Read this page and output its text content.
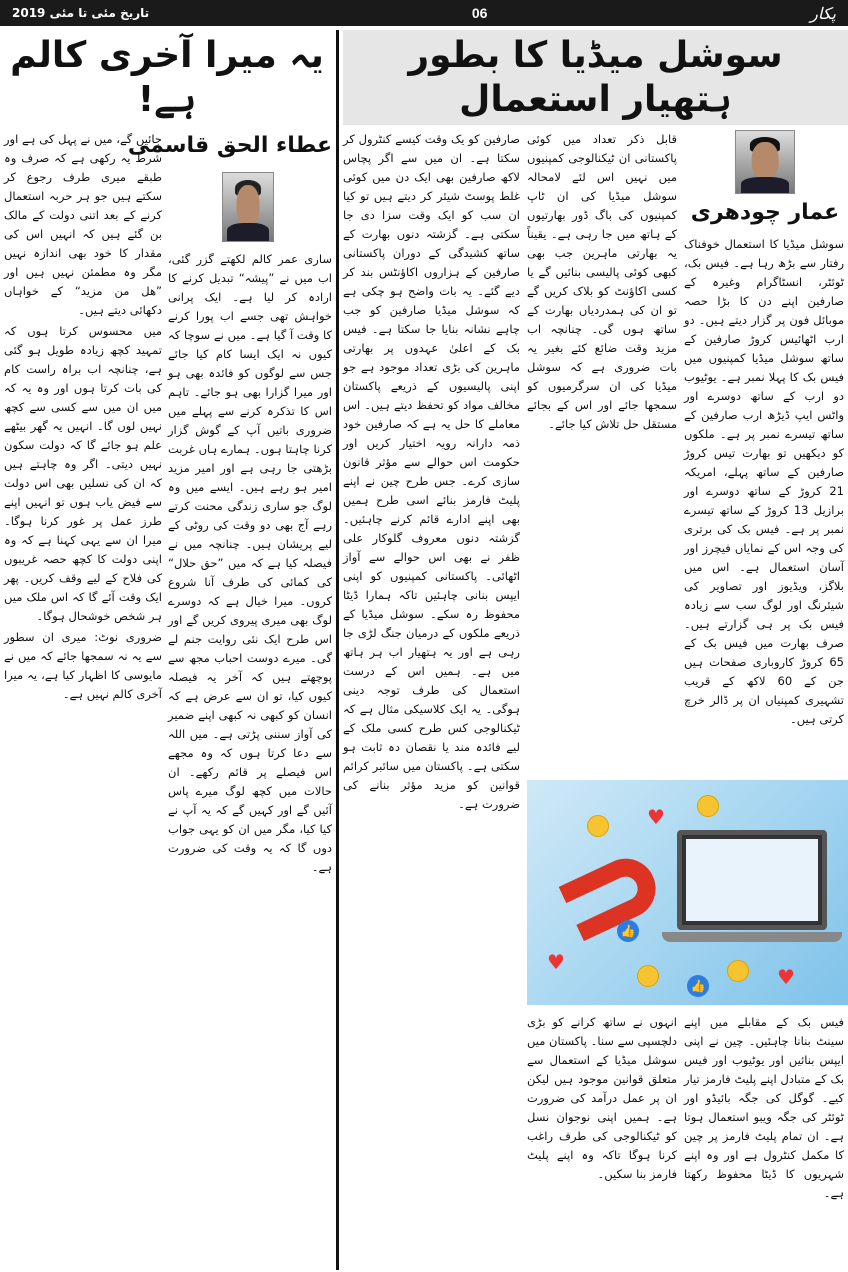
تاریخ مئی تا مئی 2019	06	پکار
سوشل میڈیا کا بطور ہتھیار استعمال
یہ میرا آخری کالم ہے!
عمار چودھری

سوشل میڈیا کا استعمال خوفناک رفتار سے بڑھ رہا ہے۔ فیس بک، ٹوئٹر، انسٹاگرام وغیرہ کے صارفین اپنے دن کا بڑا حصہ موبائل فون پر گزار دیتے ہیں۔ دو ارب اٹھائیس کروڑ صارفین کے ساتھ سوشل میڈیا کمپنیوں میں فیس بک کا پہلا نمبر ہے۔ یوٹیوب دو ارب کے ساتھ دوسرے اور واٹس ایپ ڈیڑھ ارب صارفین کے ساتھ تیسرے نمبر پر ہے۔ ملکوں کو دیکھیں تو بھارت تیس کروڑ صارفین کے ساتھ پہلے، امریکہ 21 کروڑ کے ساتھ دوسرے اور برازیل 13 کروڑ کے ساتھ تیسرے نمبر پر ہے۔ فیس بک کی برتری کی وجہ اس کے نمایاں فیچرز اور آسان استعمال ہے۔ اس میں بلاگز، ویڈیوز اور تصاویر کی شیئرنگ اور لوگ سب سے زیادہ فیس بک پر ہی گزارتے ہیں۔ صرف بھارت میں فیس بک کے 65 کروڑ کاروباری صفحات ہیں جن کے 60 لاکھ کے قریب تشہیری کمپنیاں ان پر ڈالر خرچ کرتی ہیں۔

قابل ذکر تعداد میں کوئی پاکستانی ان ٹیکنالوجی کمپنیوں میں نہیں اس لئے لامحالہ سوشل میڈیا کی ان ٹاپ کمپنیوں کی باگ ڈور بھارتیوں کے ہاتھ میں جا رہی ہے۔ یقیناً یہ بھارتی ماہرین جب بھی کبھی کوئی پالیسی بنائیں گے یا کسی اکاؤنٹ کو بلاک کریں گے تو ان کی ہمدردیاں بھارت کے ساتھ ہوں گی۔ چنانچہ اب مزید وقت ضائع کئے بغیر یہ بات ضروری ہے کہ سوشل میڈیا کی ان سرگرمیوں کو سمجھا جائے اور اس کے بجائے مستقل حل تلاش کیا جائے۔

صارفین کو یک وقت کیسے کنٹرول کر سکتا ہے۔ ان میں سے اگر پچاس لاکھ صارفین بھی ایک دن میں کوئی غلط پوسٹ شیئر کر دیتے ہیں تو کیا ان سب کو ایک وقت سزا دی جا سکتی ہے۔ گزشتہ دنوں بھارت کے ساتھ کشیدگی کے دوران پاکستانی صارفین کے ہزاروں اکاؤنٹس بند کر دیے گئے۔ یہ بات واضح ہو چکی ہے کہ سوشل میڈیا صارفین کو جب چاہے نشانہ بنایا جا سکتا ہے۔ فیس بک کے اعلیٰ عہدوں پر بھارتی ماہرین کی بڑی تعداد موجود ہے جو اپنی پالیسیوں کے ذریعے پاکستان مخالف مواد کو تحفظ دیتے ہیں۔ اس معاملے کا حل یہ ہے کہ صارفین خود ذمہ دارانہ رویہ اختیار کریں اور حکومت اس حوالے سے مؤثر قانون سازی کرے۔ جس طرح چین نے اپنے پلیٹ فارمز بنائے اسی طرح ہمیں بھی اپنے ادارے قائم کرنے چاہئیں۔ گزشتہ دنوں معروف گلوکار علی ظفر نے بھی اس حوالے سے آواز اٹھائی۔ پاکستانی کمپنیوں کو اپنی ایپس بنانی چاہئیں تاکہ ہمارا ڈیٹا محفوظ رہ سکے۔ سوشل میڈیا کے ذریعے ملکوں کے درمیان جنگ لڑی جا رہی ہے اور یہ ہتھیار اب ہر ہاتھ میں ہے۔ ہمیں اس کے درست استعمال کی طرف توجہ دینی ہوگی۔ یہ ایک کلاسیکی مثال ہے کہ ٹیکنالوجی کس طرح کسی ملک کے لیے فائدہ مند یا نقصان دہ ثابت ہو سکتی ہے۔ پاکستان میں سائبر کرائم قوانین کو مزید مؤثر بنانے کی ضرورت ہے۔

♥
♥
♥
👍
👍

فیس بک کے مقابلے میں اپنے سینٹ بنانا چاہئیں۔ چین نے اپنی ایپس بنائیں اور یوٹیوب اور فیس بک کے متبادل اپنے پلیٹ فارمز تیار کیے۔ گوگل کی جگہ بائیڈو اور ٹوئٹر کی جگہ ویبو استعمال ہوتا ہے۔ ان تمام پلیٹ فارمز پر چین کا مکمل کنٹرول ہے اور وہ اپنے شہریوں کا ڈیٹا محفوظ رکھتا ہے۔

انہوں نے ساتھ کرانے کو بڑی دلچسپی سے سنا۔ پاکستان میں سوشل میڈیا کے استعمال سے متعلق قوانین موجود ہیں لیکن ان پر عمل درآمد کی ضرورت ہے۔ ہمیں اپنی نوجوان نسل کو ٹیکنالوجی کی طرف راغب کرنا ہوگا تاکہ وہ اپنے پلیٹ فارمز بنا سکیں۔

عطاء الحق قاسمی

جائیں گے، میں نے پہل کی ہے اور شرط یہ رکھی ہے کہ صرف وہ طبقے میری طرف رجوع کر سکتے ہیں جو ہر حربہ استعمال کرنے کے بعد اتنی دولت کے مالک بن گئے ہیں کہ انہیں اس کی مقدار کا خود بھی اندازہ نہیں مگر وہ مطمئن نہیں ہیں اور ”ھل من مزید“ کے خواہاں دکھائی دیتے ہیں۔

میں محسوس کرتا ہوں کہ تمہید کچھ زیادہ طویل ہو گئی ہے، چنانچہ اب براہ راست کام کی بات کرتا ہوں اور وہ یہ کہ میں ان میں سے کسی سے کچھ نہیں لوں گا۔ انہیں یہ گھر بیٹھے علم ہو جائے گا کہ دولت سکون نہیں دیتی۔ اگر وہ چاہتے ہیں کہ ان کی نسلیں بھی اس دولت سے فیض یاب ہوں تو انہیں اپنے طرز عمل پر غور کرنا ہوگا۔ میرا ان سے یہی کہنا ہے کہ وہ اپنی دولت کا کچھ حصہ غریبوں کی فلاح کے لیے وقف کریں۔ پھر ایک وقت آئے گا کہ اس ملک میں ہر شخص خوشحال ہوگا۔

ضروری نوٹ: میری ان سطور سے یہ نہ سمجھا جائے کہ میں نے مایوسی کا اظہار کیا ہے، یہ میرا آخری کالم نہیں ہے۔

ساری عمر کالم لکھتے گزر گئی، اب میں نے ”پیشہ“ تبدیل کرنے کا ارادہ کر لیا ہے۔ ایک پرانی خواہش تھی جسے اب پورا کرنے کا وقت آ گیا ہے۔ میں نے سوچا کہ کیوں نہ ایک ایسا کام کیا جائے جس سے لوگوں کو فائدہ بھی ہو اور میرا گزارا بھی ہو جائے۔ تاہم اس کا تذکرہ کرنے سے پہلے میں ضروری باتیں آپ کے گوش گزار کرنا چاہتا ہوں۔ ہمارے ہاں غربت بڑھتی جا رہی ہے اور امیر مزید امیر ہو رہے ہیں۔ ایسے میں وہ لوگ جو ساری زندگی محنت کرتے رہے آج بھی دو وقت کی روٹی کے لیے پریشان ہیں۔ چنانچہ میں نے فیصلہ کیا ہے کہ میں ”حق حلال“ کی کمائی کی طرف آنا شروع کروں۔ میرا خیال ہے کہ دوسرے لوگ بھی میری پیروی کریں گے اور اس طرح ایک نئی روایت جنم لے گی۔ میرے دوست احباب مجھ سے پوچھتے ہیں کہ آخر یہ فیصلہ کیوں کیا، تو ان سے عرض ہے کہ انسان کو کبھی نہ کبھی اپنے ضمیر کی آواز سننی پڑتی ہے۔ میں اللہ سے دعا کرتا ہوں کہ وہ مجھے اس فیصلے پر قائم رکھے۔ ان حالات میں کچھ لوگ میرے پاس آئیں گے اور کہیں گے کہ یہ آپ نے کیا کیا، مگر میں ان کو یہی جواب دوں گا کہ یہ وقت کی ضرورت ہے۔
